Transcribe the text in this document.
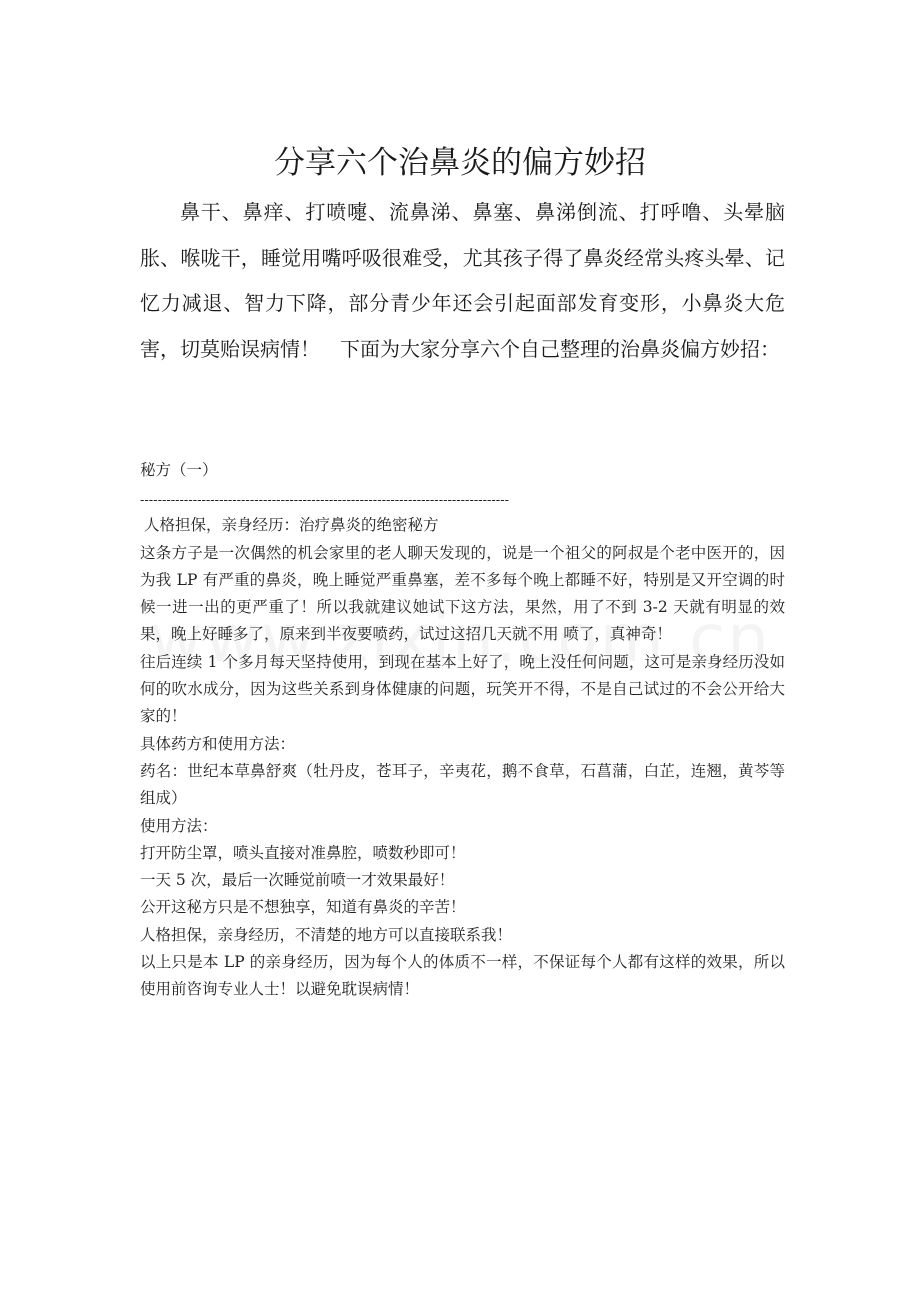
分享六个治鼻炎的偏方妙招

鼻干、鼻痒、打喷嚏、流鼻涕、鼻塞、鼻涕倒流、打呼噜、头晕脑胀、喉咙干，睡觉用嘴呼吸很难受，尤其孩子得了鼻炎经常头疼头晕、记忆力减退、智力下降，部分青少年还会引起面部发育变形，小鼻炎大危害，切莫贻误病情！　下面为大家分享六个自己整理的治鼻炎偏方妙招：

秘方（一）

------------------------------------------------------------------------------------

人格担保，亲身经历：治疗鼻炎的绝密秘方

这条方子是一次偶然的机会家里的老人聊天发现的，说是一个祖父的阿叔是个老中医开的，因为我 LP 有严重的鼻炎，晚上睡觉严重鼻塞，差不多每个晚上都睡不好，特别是又开空调的时候一进一出的更严重了！所以我就建议她试下这方法，果然，用了不到 3-2 天就有明显的效果，晚上好睡多了，原来到半夜要喷药，试过这招几天就不用 喷了，真神奇！

往后连续 1 个多月每天坚持使用，到现在基本上好了，晚上没任何问题，这可是亲身经历没如何的吹水成分，因为这些关系到身体健康的问题，玩笑开不得，不是自己试过的不会公开给大家的！

具体药方和使用方法：

药名：世纪本草鼻舒爽（牡丹皮，苍耳子，辛夷花，鹅不食草，石菖蒲，白芷，连翘，黄芩等组成）

使用方法：

打开防尘罩，喷头直接对准鼻腔，喷数秒即可！

一天 5 次，最后一次睡觉前喷一才效果最好！

公开这秘方只是不想独享，知道有鼻炎的辛苦！

人格担保，亲身经历，不清楚的地方可以直接联系我！

以上只是本 LP 的亲身经历，因为每个人的体质不一样，不保证每个人都有这样的效果，所以使用前咨询专业人士！以避免耽误病情！
